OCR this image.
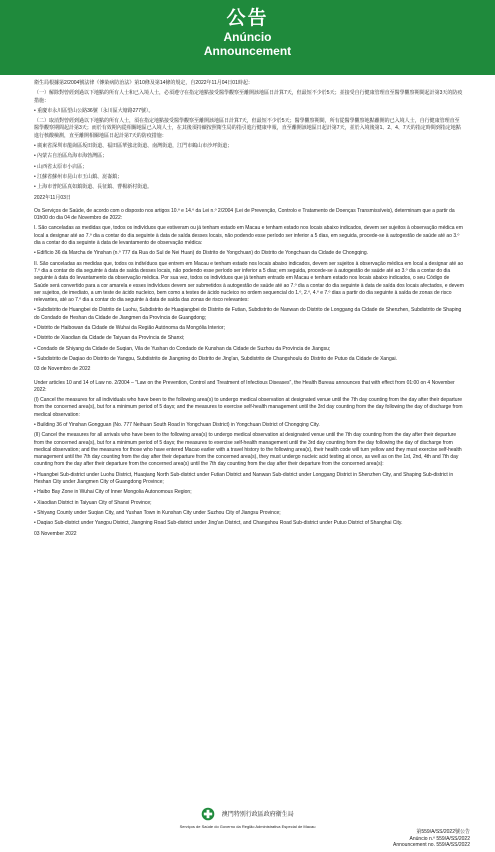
公告
Anúncio
Announcement

衛生局根據第2/2004號法律《傳染病防治法》第10條及第14條的規定，自2022年11月04日01時起：

（一）解除對曾經到過以下地點的所有人士和已入境人士，必須遵守在指定地點接受醫學觀察至離開該地區日計算7天，但最短不少於5天；並接受自行健康管理直至醫學觀察期間起計第3天的防疫措施：

• 重慶市永川區望山公路36號（永川區大塘路277號）。

（二）取消對曾經到過以下地點的所有人士，須在指定地點接受醫學觀察至離開該地區日計算7天，但最短不少於5天；醫學觀察期間，所有從醫學觀察地點離開的已入境人士，自行健康管理直至醫學觀察期間起計第3天；而於有效期內從相關地區已入境人士，在其後須持續按照衛生局的指引進行健康申報，直至離開該地區日起計第7天，並於入境後第1、2、4、7天的指定時間到指定地點進行核酸檢測，直至離開相關地區日起計第7天的防疫措施：

• 廣東省深圳市龍崗區坂田街道、福田區華強北街道、南灣街道，江門市鶴山市沙坪街道；

• 內蒙古自治區烏海市海勃灣區；

• 山西省太原市小店區；

• 江蘇省蘇州市昆山市玉山鎮、崑崙鎮；

• 上海市普陀區真如鎮街道、長征鎮、曹楊新村街道。

2022年11月03日

Os Serviços de Saúde, de acordo com o disposto nos artigos 10.º e 14.º da Lei n.º 2/2004 (Lei de Prevenção, Controlo e Tratamento de Doenças Transmissíveis), determinam que a partir da 01h00 do dia 04 de Novembro de 2022:

I. São canceladas as medidas que, todos os indivíduos que estiveram ou já tenham estado em Macau e tenham estado nos locais abaixo indicados, devem ser sujeitos à observação médica em local a designar até ao 7.º dia a contar do dia seguinte à data de saída desses locais, não podendo esse período ser inferior a 5 dias, em seguida, procede-se à autogestão de saúde até ao 3.º dia a contar do dia seguinte à data de levantamento de observação médica:

• Edifício 36 da Marcha de Yinshan (n.º 777 da Rua do Sul de Nei Huan) do Distrito de Yongchuan) do Distrito de Yongchuan da Cidade de Chongqing.

II. São canceladas as medidas que, todos os indivíduos que entrem em Macau e tenham estado nos locais abaixo indicados, devem ser sujeitos à observação médica em local a designar até ao 7.º dia a contar do dia seguinte à data de saída desses locais, não podendo esse período ser inferior a 5 dias; em seguida, procede-se à autogestão de saúde até ao 3.º dia a contar do dia seguinte à data do levantamento da observação médica. Por sua vez, todos os indivíduos que já tenham entrado em Macau e tenham estado nos locais abaixo indicados, o seu Código de Saúde será convertido para a cor amarela e esses indivíduos devem ser submetidos à autogestão de saúde até ao 7.º dia a contar do dia seguinte à data de saída dos locais afectados, e devem ser sujeitos, de imediato, a um teste de ácido nucleico, bem como a testes de ácido nucleico no ordem sequencial do 1.º, 2.º, 4.º e 7.º dias a partir do dia seguinte à saída de zonas de risco relevantes, até ao 7.º dia a contar do dia seguinte à data de saída das zonas de risco relevantes:

• Subdistrito de Huangbei do Distrito de Luohu, Subdistrito de Huaqiangbei do Distrito de Futian, Subdistrito de Nanwan do Distrito de Longgang da Cidade de Shenzhen, Subdistrito de Shaping do Condado de Heshan da Cidade de Jiangmen da Província de Guangdong;

• Distrito de Haibowan da Cidade de Wuhai da Região Autónoma da Mongólia Interior;

• Distrito de Xiaodian da Cidade de Taiyuan da Província de Shanxi;

• Condado de Shiyang da Cidade de Suqian, Vila de Yushan do Condado de Kunshan da Cidade de Suzhou da Província de Jiangsu;

• Subdistrito de Daqiao do Distrito de Yangpu, Subdistrito de Jiangning do Distrito de Jing'an, Subdistrito de Changshoulu do Distrito de Putuo da Cidade de Xangai.

03 de Novembro de 2022

Under articles 10 and 14 of Law no. 2/2004 – "Law on the Prevention, Control and Treatment of Infectious Diseases", the Health Bureau announces that with effect from 01:00 on 4 November 2022:

(I) Cancel the measures for all individuals who have been to the following area(s) to undergo medical observation at designated venue until the 7th day counting from the day after their departure from the concerned area(s), but for a minimum period of 5 days; and the measures to exercise self-health management until the 3rd day counting from the day following the day of discharge from medical observation:

• Building 36 of Yinshan Gongguan (No. 777 Neihuan South Road in Yongchuan District) in Yongchuan District of Chongqing City.

(II) Cancel the measures for all arrivals who have been to the following area(s) to undergo medical observation at designated venue until the 7th day counting from the day after their departure from the concerned area(s), but for a minimum period of 5 days; the measures to exercise self-health management until the 3rd day counting from the day following the day of discharge from medical observation; and the measures for those who have entered Macao earlier with a travel history to the following area(s), their health code will turn yellow and they must exercise self-health management until the 7th day counting from the day after their departure from the concerned area(s), they must undergo nucleic acid testing at once, as well as on the 1st, 2nd, 4th and 7th day counting from the day after their departure from the concerned area(s) until the 7th day counting from the day after their departure from the concerned area(s):

• Huangbei Sub-district under Luohu District, Huaqiang North Sub-district under Futian District and Nanwan Sub-district under Longgang District in Shenzhen City, and Shaping Sub-district in Heshan City under Jiangmen City of Guangdong Province;

• Haibo Bay Zone in Wuhai City of Inner Mongolia Autonomous Region;

• Xiaodian District in Taiyuan City of Shanxi Province;

• Shiyang County under Suqian City, and Yushan Town in Kunshan City under Suzhou City of Jiangsu Province;

• Daqiao Sub-district under Yangpu District, Jiangning Road Sub-district under Jing'an District, and Changshou Road Sub-district under Putuo District of Shanghai City.

03 November 2022

澳門特別行政區政府衛生局
Serviços de Saúde do Governo da Região Administrativa Especial de Macau
第559/A/SS/2022號公告
Anúncio n.º 559/A/SS/2022
Announcement no. 559/A/SS/2022
